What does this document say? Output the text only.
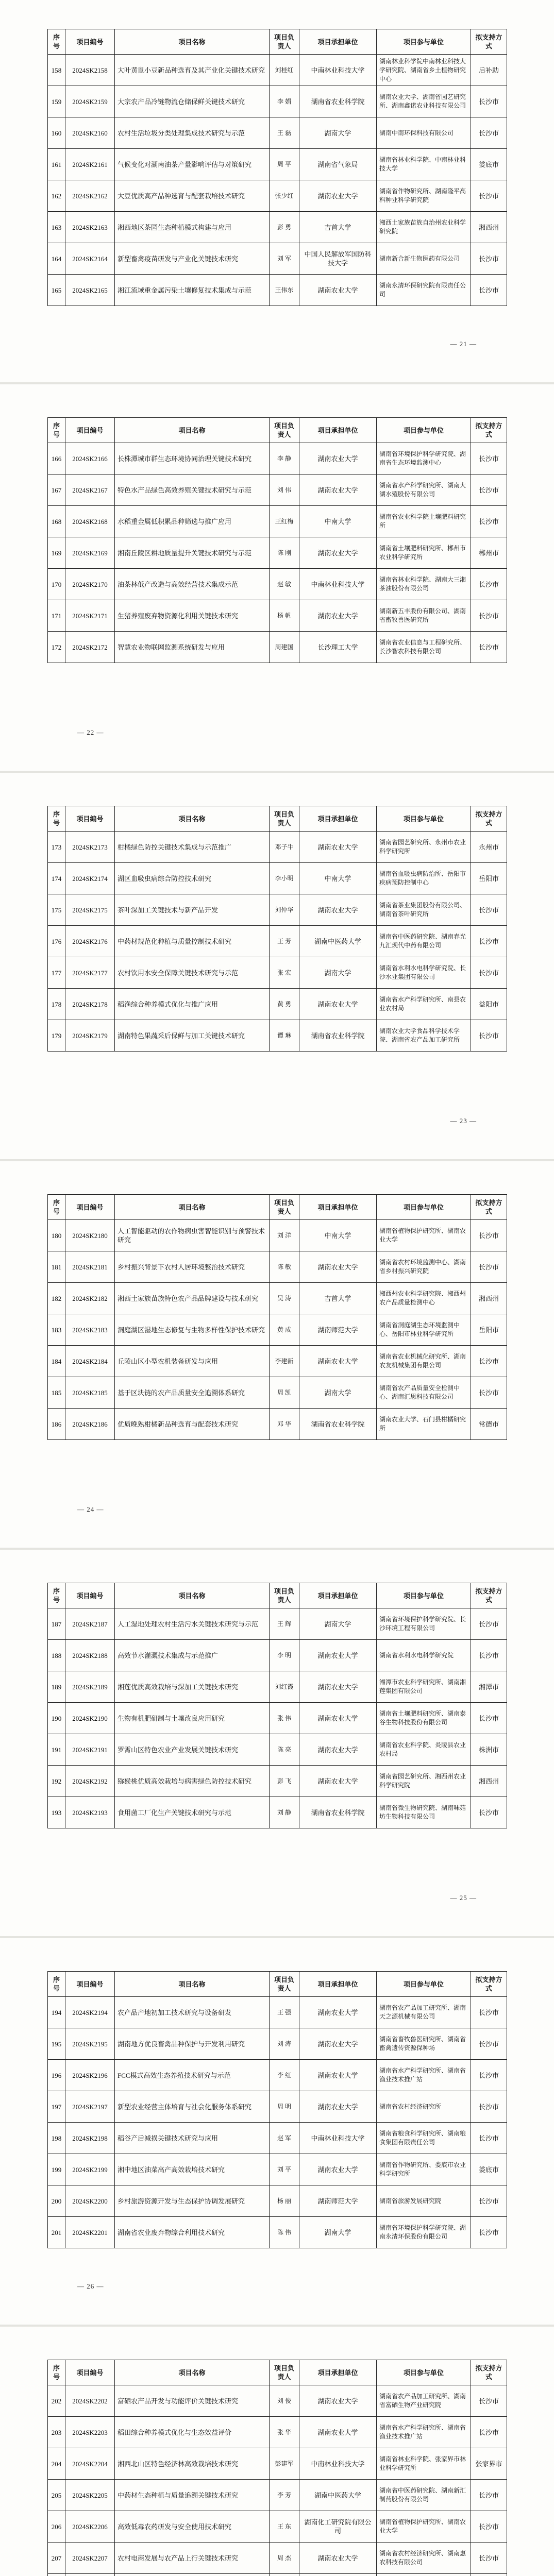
序号	项目编号	项目名称	项目负责人	项目承担单位	项目参与单位	拟支持方式
158	2024SK2158	大叶黄鼠小豆新品种选育及其产业化关键技术研究	刘桂红	中南林业科技大学	湖南林业科学院中南林业科技大学研究院、湖南省乡土植物研究中心	后补助
159	2024SK2159	大宗农产品冷链物流仓储保鲜关键技术研究	李 娟	湖南省农业科学院	湖南农业大学、湖南省园艺研究所、湖南鑫诺农业科技有限公司	长沙市
160	2024SK2160	农村生活垃圾分类处理集成技术研究与示范	王 磊	湖南大学	湖南中南环保科技有限公司	长沙市
161	2024SK2161	气候变化对湖南油茶产量影响评估与对策研究	周 平	湖南省气象局	湖南省林业科学院、中南林业科技大学	娄底市
162	2024SK2162	大豆优质高产品种选育与配套栽培技术研究	张少红	湖南农业大学	湖南省作物研究所、湖南隆平高科种业科学研究院	长沙市
163	2024SK2163	湘西地区茶园生态种植模式构建与应用	彭 勇	吉首大学	湘西土家族苗族自治州农业科学研究院	湘西州
164	2024SK2164	新型畜禽疫苗研发与产业化关键技术研究	刘 军	中国人民解放军国防科技大学	湖南新合新生物医药有限公司	长沙市
165	2024SK2165	湘江流域重金属污染土壤修复技术集成与示范	王伟东	湖南农业大学	湖南永清环保研究院有限责任公司	长沙市
— 21 —
序号	项目编号	项目名称	项目负责人	项目承担单位	项目参与单位	拟支持方式
166	2024SK2166	长株潭城市群生态环境协同治理关键技术研究	李 静	湖南农业大学	湖南省环境保护科学研究院、湖南省生态环境监测中心	长沙市
167	2024SK2167	特色水产品绿色高效养殖关键技术研究与示范	刘 伟	湖南农业大学	湖南省水产科学研究所、湖南大湖水殖股份有限公司	长沙市
168	2024SK2168	水稻重金属低积累品种筛选与推广应用	王红梅	中南大学	湖南省农业科学院土壤肥料研究所	长沙市
169	2024SK2169	湘南丘陵区耕地质量提升关键技术研究与示范	陈 刚	湖南农业大学	湖南省土壤肥料研究所、郴州市农业科学研究所	郴州市
170	2024SK2170	油茶林低产改造与高效经营技术集成示范	赵 敏	中南林业科技大学	湖南省林业科学院、湖南大三湘茶油股份有限公司	长沙市
171	2024SK2171	生猪养殖废弃物资源化利用关键技术研究	杨 帆	湖南农业大学	湖南新五丰股份有限公司、湖南省畜牧兽医研究所	长沙市
172	2024SK2172	智慧农业物联网监测系统研发与应用	周建国	长沙理工大学	湖南省农业信息与工程研究所、长沙智农科技有限公司	长沙市
— 22 —
序号	项目编号	项目名称	项目负责人	项目承担单位	项目参与单位	拟支持方式
173	2024SK2173	柑橘绿色防控关键技术集成与示范推广	邓子牛	湖南农业大学	湖南省园艺研究所、永州市农业科学研究所	永州市
174	2024SK2174	湖区血吸虫病综合防控技术研究	李小明	中南大学	湖南省血吸虫病防治所、岳阳市疾病预防控制中心	岳阳市
175	2024SK2175	茶叶深加工关键技术与新产品开发	刘仲华	湖南农业大学	湖南省茶业集团股份有限公司、湖南省茶叶研究所	长沙市
176	2024SK2176	中药材规范化种植与质量控制技术研究	王 芳	湖南中医药大学	湖南省中医药研究院、湖南春光九汇现代中药有限公司	长沙市
177	2024SK2177	农村饮用水安全保障关键技术研究与示范	张 宏	湖南大学	湖南省水利水电科学研究院、长沙水业集团有限公司	长沙市
178	2024SK2178	稻渔综合种养模式优化与推广应用	黄 勇	湖南农业大学	湖南省水产科学研究所、南县农业农村局	益阳市
179	2024SK2179	湖南特色果蔬采后保鲜与加工关键技术研究	谭 琳	湖南省农业科学院	湖南农业大学食品科学技术学院、湖南省农产品加工研究所	长沙市
— 23 —
序号	项目编号	项目名称	项目负责人	项目承担单位	项目参与单位	拟支持方式
180	2024SK2180	人工智能驱动的农作物病虫害智能识别与预警技术研究	刘 洋	中南大学	湖南省植物保护研究所、湖南农业大学	长沙市
181	2024SK2181	乡村振兴背景下农村人居环境整治技术研究	陈 敏	湖南农业大学	湖南省农村环境监测中心、湖南省乡村振兴研究院	长沙市
182	2024SK2182	湘西土家族苗族特色农产品品牌建设与技术研究	吴 涛	吉首大学	湘西州农业科学研究院、湘西州农产品质量检测中心	湘西州
183	2024SK2183	洞庭湖区湿地生态修复与生物多样性保护技术研究	黄 成	湖南师范大学	湖南省洞庭湖生态环境监测中心、岳阳市林业科学研究所	岳阳市
184	2024SK2184	丘陵山区小型农机装备研发与应用	李建新	湖南农业大学	湖南省农业机械化研究所、湖南农友机械集团有限公司	长沙市
185	2024SK2185	基于区块链的农产品质量安全追溯体系研究	周 凯	湖南大学	湖南省农产品质量安全检测中心、湖南汇思科技有限公司	长沙市
186	2024SK2186	优质晚熟柑橘新品种选育与配套技术研究	邓 华	湖南省农业科学院	湖南农业大学、石门县柑橘研究所	常德市
— 24 —
序号	项目编号	项目名称	项目负责人	项目承担单位	项目参与单位	拟支持方式
187	2024SK2187	人工湿地处理农村生活污水关键技术研究与示范	王 辉	湖南大学	湖南省环境保护科学研究院、长沙环境工程有限公司	长沙市
188	2024SK2188	高效节水灌溉技术集成与示范推广	李 明	湖南农业大学	湖南省水利水电科学研究院	长沙市
189	2024SK2189	湘莲优质高效栽培与深加工关键技术研究	刘红霞	湖南农业大学	湘潭市农业科学研究所、湖南湘莲集团有限公司	湘潭市
190	2024SK2190	生物有机肥研制与土壤改良应用研究	张 伟	湖南农业大学	湖南省土壤肥料研究所、湖南泰谷生物科技股份有限公司	长沙市
191	2024SK2191	罗霄山区特色农业产业发展关键技术研究	陈 亮	湖南农业大学	湖南省农业科学院、炎陵县农业农村局	株洲市
192	2024SK2192	猕猴桃优质高效栽培与病害绿色防控技术研究	彭 飞	湖南农业大学	湖南省园艺研究所、湘西州农业科学研究院	湘西州
193	2024SK2193	食用菌工厂化生产关键技术研究与示范	刘 静	湖南省农业科学院	湖南省微生物研究院、湖南味菇坊生物科技有限公司	长沙市
— 25 —
序号	项目编号	项目名称	项目负责人	项目承担单位	项目参与单位	拟支持方式
194	2024SK2194	农产品产地初加工技术研究与设备研发	王 强	湖南农业大学	湖南省农产品加工研究所、湖南天之源机械有限公司	长沙市
195	2024SK2195	湖南地方优良畜禽品种保护与开发利用研究	刘 涛	湖南农业大学	湖南省畜牧兽医研究所、湖南省畜禽遗传资源保种场	长沙市
196	2024SK2196	FCC模式高效生态养殖技术研究与示范	李 红	湖南农业大学	湖南省水产科学研究所、湖南省渔业技术推广站	长沙市
197	2024SK2197	新型农业经营主体培育与社会化服务体系研究	周 明	湖南农业大学	湖南省农村经济研究所	长沙市
198	2024SK2198	稻谷产后减损关键技术研究与应用	赵 军	中南林业科技大学	湖南省粮食科学研究所、湖南粮食集团有限责任公司	长沙市
199	2024SK2199	湘中地区油菜高产高效栽培技术研究	刘 平	湖南农业大学	湖南省作物研究所、娄底市农业科学研究所	娄底市
200	2024SK2200	乡村旅游资源开发与生态保护协调发展研究	杨 丽	湖南师范大学	湖南省旅游发展研究院	长沙市
201	2024SK2201	湖南省农业废弃物综合利用技术研究	陈 伟	湖南大学	湖南省环境保护科学研究院、湖南永清环保股份有限公司	长沙市
— 26 —
序号	项目编号	项目名称	项目负责人	项目承担单位	项目参与单位	拟支持方式
202	2024SK2202	富硒农产品开发与功能评价关键技术研究	刘 俊	湖南农业大学	湖南省农产品加工研究所、湖南省富硒生物产业研究院	长沙市
203	2024SK2203	稻田综合种养模式优化与生态效益评价	张 华	湖南农业大学	湖南省水产科学研究所、湖南省渔业技术推广站	长沙市
204	2024SK2204	湘西北山区特色经济林高效栽培技术研究	彭建军	中南林业科技大学	湖南省林业科学院、张家界市林业科学研究所	张家界市
205	2024SK2205	中药材生态种植与质量追溯关键技术研究	李 芳	湖南中医药大学	湖南省中医药研究院、湖南新汇制药股份有限公司	长沙市
206	2024SK2206	高效低毒农药研发与安全使用技术研究	王 东	湖南化工研究院有限公司	湖南省植物保护研究所、湖南农业大学	长沙市
207	2024SK2207	农村电商发展与农产品上行关键技术研究	周 杰	湖南农业大学	湖南省农村经济研究所、湖南惠农科技有限公司	长沙市
